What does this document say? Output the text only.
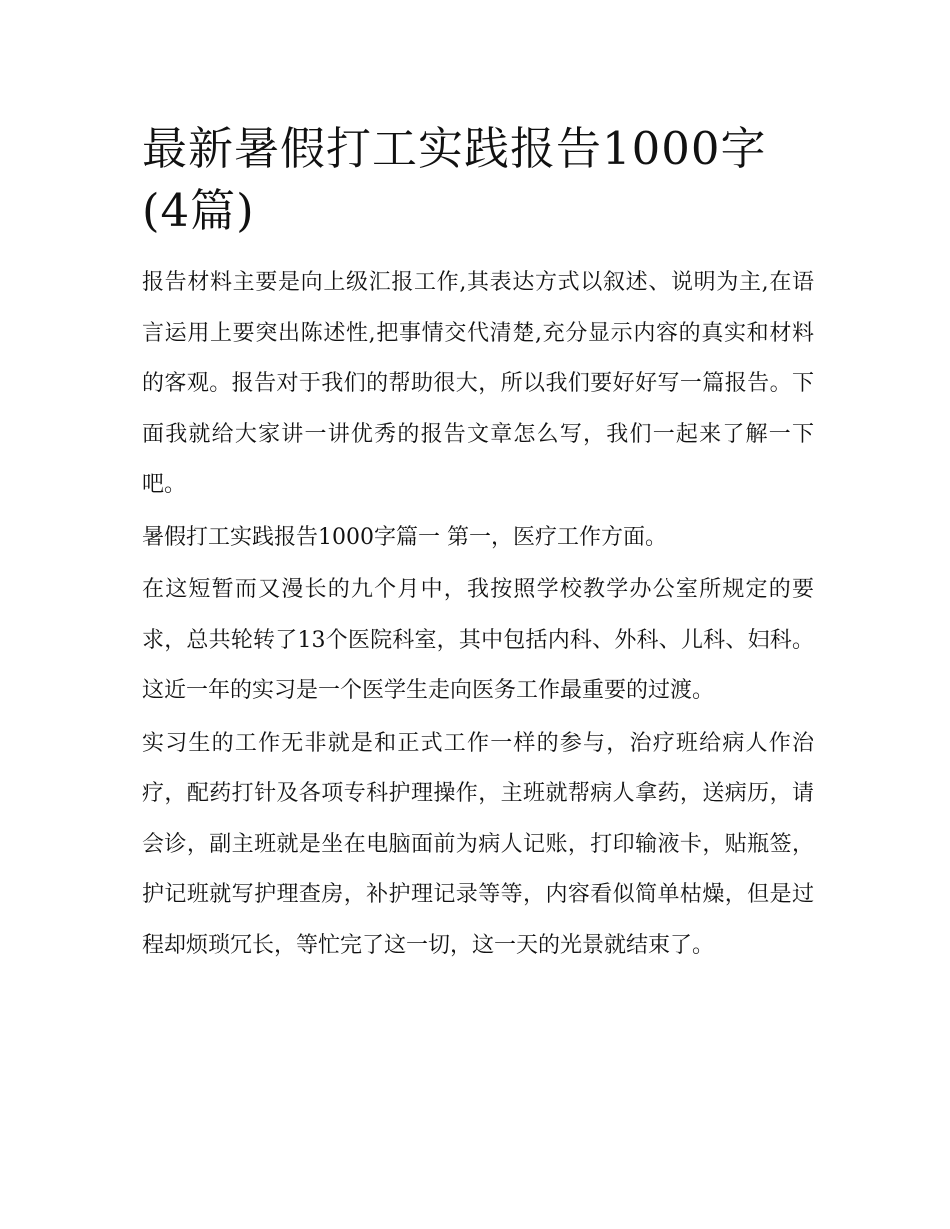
最新暑假打工实践报告1000字(4篇)

报告材料主要是向上级汇报工作,其表达方式以叙述、说明为主,在语言运用上要突出陈述性,把事情交代清楚,充分显示内容的真实和材料的客观。报告对于我们的帮助很大，所以我们要好好写一篇报告。下面我就给大家讲一讲优秀的报告文章怎么写，我们一起来了解一下吧。

暑假打工实践报告1000字篇一 第一，医疗工作方面。

在这短暂而又漫长的九个月中，我按照学校教学办公室所规定的要求，总共轮转了13个医院科室，其中包括内科、外科、儿科、妇科。这近一年的实习是一个医学生走向医务工作最重要的过渡。

实习生的工作无非就是和正式工作一样的参与，治疗班给病人作治疗，配药打针及各项专科护理操作，主班就帮病人拿药，送病历，请会诊，副主班就是坐在电脑面前为病人记账，打印输液卡，贴瓶签，护记班就写护理查房，补护理记录等等，内容看似简单枯燥，但是过程却烦琐冗长，等忙完了这一切，这一天的光景就结束了。
